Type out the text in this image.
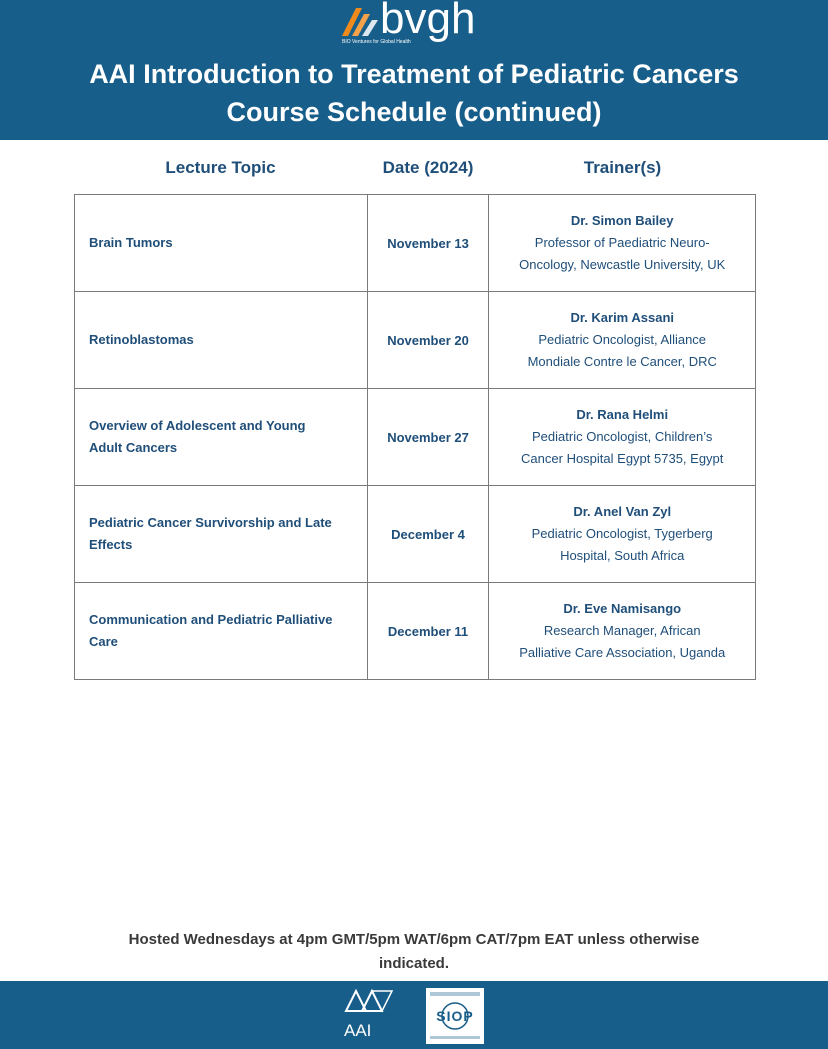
bvgh
BIO Ventures for Global Health
AAI Introduction to Treatment of Pediatric Cancers
Course Schedule (continued)
Lecture Topic	Date (2024)	Trainer(s)
Brain Tumors	November 13	Dr. Simon Bailey
Professor of Paediatric Neuro-
Oncology, Newcastle University, UK

Retinoblastomas	November 20	Dr. Karim Assani
Pediatric Oncologist, Alliance
Mondiale Contre le Cancer, DRC

Overview of Adolescent and Young
Adult Cancers	November 27	Dr. Rana Helmi
Pediatric Oncologist, Children’s
Cancer Hospital Egypt 5735, Egypt

Pediatric Cancer Survivorship and Late
Effects	December 4	Dr. Anel Van Zyl
Pediatric Oncologist, Tygerberg
Hospital, South Africa

Communication and Pediatric Palliative
Care	December 11	Dr. Eve Namisango
Research Manager, African
Palliative Care Association, Uganda
Hosted Wednesdays at 4pm GMT/5pm WAT/6pm CAT/7pm EAT unless otherwise
indicated.
AAI
SIOP
